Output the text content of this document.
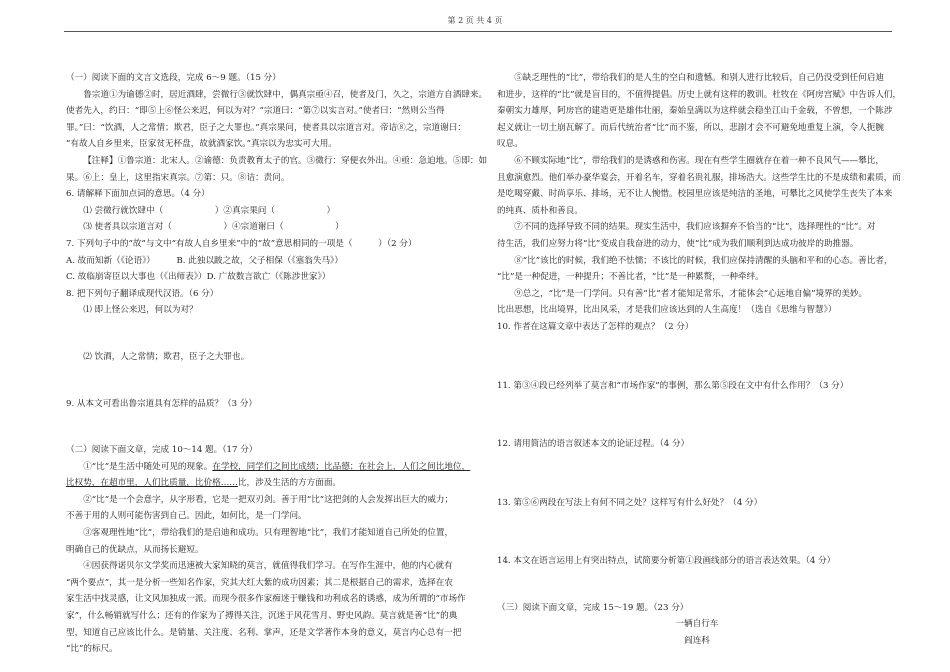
第 2 页 共 4 页

（一）阅读下面的文言文选段，完成 6～9 题。（15 分）

鲁宗道①为谕德②时，居近酒肆，尝微行③就饮肆中，偶真宗亟④召，使者及门，久之，宗道方自酒肆来。

使者先入，约曰：“即⑤上⑥怪公来迟，何以为对？”宗道曰：“第⑦以实言对。”使者曰：“然则公当得

罪。”曰：“饮酒，人之常情；欺君，臣子之大罪也。”真宗果问，使者具以宗道言对。帝诘⑧之，宗道谢曰：

“有故人自乡里来，臣家贫无杯盘，故就酒家饮。”真宗以为忠实可大用。

【注释】①鲁宗道：北宋人。②谕德：负责教育太子的官。③微行：穿便衣外出。④亟：急迫地。⑤即：如

果。⑥上：皇上，这里指宋真宗。⑦第：只。⑧诘：责问。

6. 请解释下面加点词的意思。（4 分）

⑴ 尝微行就饮肆中（　　　　　　）②真宗果问（　　　　　　）

⑶ 使者具以宗道言对（　　　　　　）④宗道谢曰（　　　　　　）

7. 下列句子中的“故”与文中“有故人自乡里来”中的“故”意思相同的一项是（　　　）（2 分）

A. 故而知新（《论语》）　　　B. 此独以跛之故，父子相保（《塞翁失马》）

C. 故临崩寄臣以大事也（《出师表》）D. 广故数言欲亡（《陈涉世家》）

8. 把下列句子翻译成现代汉语。（6 分）

⑴ 即上怪公来迟，何以为对？

⑵ 饮酒，人之常情；欺君，臣子之大罪也。

9. 从本文可看出鲁宗道具有怎样的品质？（3 分）

（二）阅读下面文章，完成 10～14 题。（17 分）

①“比”是生活中随处可见的现象。在学校，同学们之间比成绩；比品德；在社会上，人们之间比地位，

比权势，在超市里，人们比质量，比价格……比，涉及生活的方方面面。

②“比”是一个会意字，从字形看，它是一把双刃剑。善于用“比”这把剑的人会发挥出巨大的威力；

不善于用的人则可能伤害到自己。因此，如何比，是一门学问。

③客观理性地“比”，带给我们的是启迪和成功。只有理智地“比”，我们才能知道自己所处的位置，

明确自己的优缺点，从而扬长避短。

④因获得诺贝尔文学奖而迅速被大家知晓的莫言，就值得我们学习。在写作生涯中，他的内心就有

“两个要点”，其一是分析一些知名作家，究其大红大紫的成功因素；其二是根据自己的需求，选择在农

家生活中找灵感，让文风加独成一派。而现今很多作家痴迷于赚钱和功利成名的诱惑，成为所谓的“市场作

家”，什么畅销就写什么；还有的作家为了搏得关注，沉迷于风花雪月、野史风韵。莫言就是善“比”的典

型，知道自己应该比什么。是销量、关注度、名利、掌声，还是文学著作本身的意义，莫言内心总有一把

“比”的标尺。

⑤缺乏理性的“比”，带给我们的是人生的空白和遗憾。和别人进行比较后，自己仍没受到任何启迪

和进步，这样的“比”就是盲目的，不值得提倡。历史上就有这样的教训。杜牧在《阿房宫赋》中告诉人们，

秦朝实力雄厚，阿房宫的建造更是雄伟壮丽，秦始皇满以为这样就会稳坐江山千金载，不曾想，一个陈涉

起义就让一切土崩瓦解了。而后代统治者“比”而不鉴，所以，悲剧才会不可避免地重复上演，令人扼腕

叹息。

⑥不顾实际地“比”，带给我们的是诱惑和伤害。现在有些学生圈就存在着一种不良风气——攀比，

且愈演愈烈。他们举办豪华宴会，开着名车，穿着名贵礼服，排场浩大。这些学生比的不是成绩和素质，而

是吃喝穿戴、时尚享乐、排场，无不让人惋惜。校园里应该是纯洁的圣地，可攀比之风使学生丧失了本来

的纯真、质朴和善良。

⑦不同的选择导致不同的结果。现实生活中，我们应该摒弃不恰当的“比”，选择理性的“比”。对

待生活，我们应努力将“比”变成自我奋进的动力，使“比”成为我们顺利到达成功彼岸的助推器。

⑧“比”该比的时候，我们绝不怯懦；不该比的时候，我们应保持清醒的头脑和平和的心态。善比者，

“比”是一种促进，一种提升；不善比者，“比”是一种累赘，一种牵绊。

⑨总之，“比”是一门学问。只有善“比”者才能知足常乐，才能体会“心远地自偏”境界的美妙。

比出思想，比出境界，比出风采，才是我们应该达到的人生高度！（选自《思维与智慧》）

10. 作者在这篇文章中表达了怎样的观点？（2 分）

11. 第③④段已经列举了莫言和“市场作家”的事例，那么第⑤段在文中有什么作用？（3 分）

12. 请用简洁的语言叙述本文的论证过程。（4 分）

13. 第⑤⑥两段在写法上有何不同之处？这样写有什么好处？（4 分）

14. 本文在语言运用上有突出特点，试简要分析第①段画线部分的语言表达效果。（4 分）

（三）阅读下面文章，完成 15～19 题。（23 分）

一辆自行车

阎连科
